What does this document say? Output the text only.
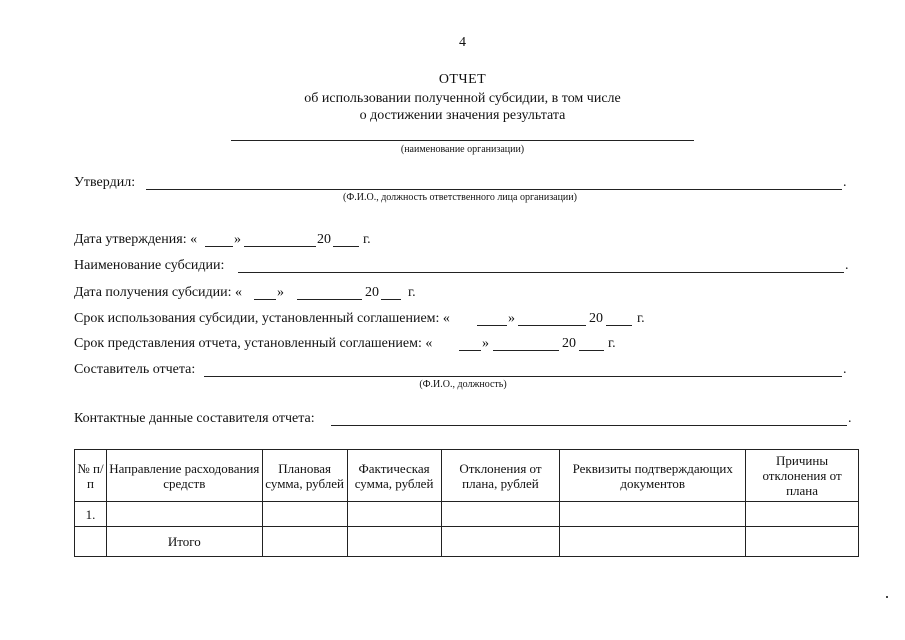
4
ОТЧЕТ
об использовании полученной субсидии, в том числе
о достижении значения результата
(наименование организации)
Утвердил:	.
(Ф.И.О., должность ответственного лица организации)
Дата утверждения: «	»	20 г.
Наименование субсидии:	.
Дата получения субсидии: « »	20 г.
Срок использования субсидии, установленный соглашением: «	»	20 г.
Срок представления отчета, установленный соглашением: «	»	20 г.
Составитель отчета:	.
(Ф.И.О., должность)
Контактные данные составителя отчета:	.
№ п/п	Направление расходования средств	Плановая сумма, рублей	Фактическая сумма, рублей	Отклонения от плана, рублей	Реквизиты подтверждающих документов	Причины отклонения от плана
1.						
	Итого					
